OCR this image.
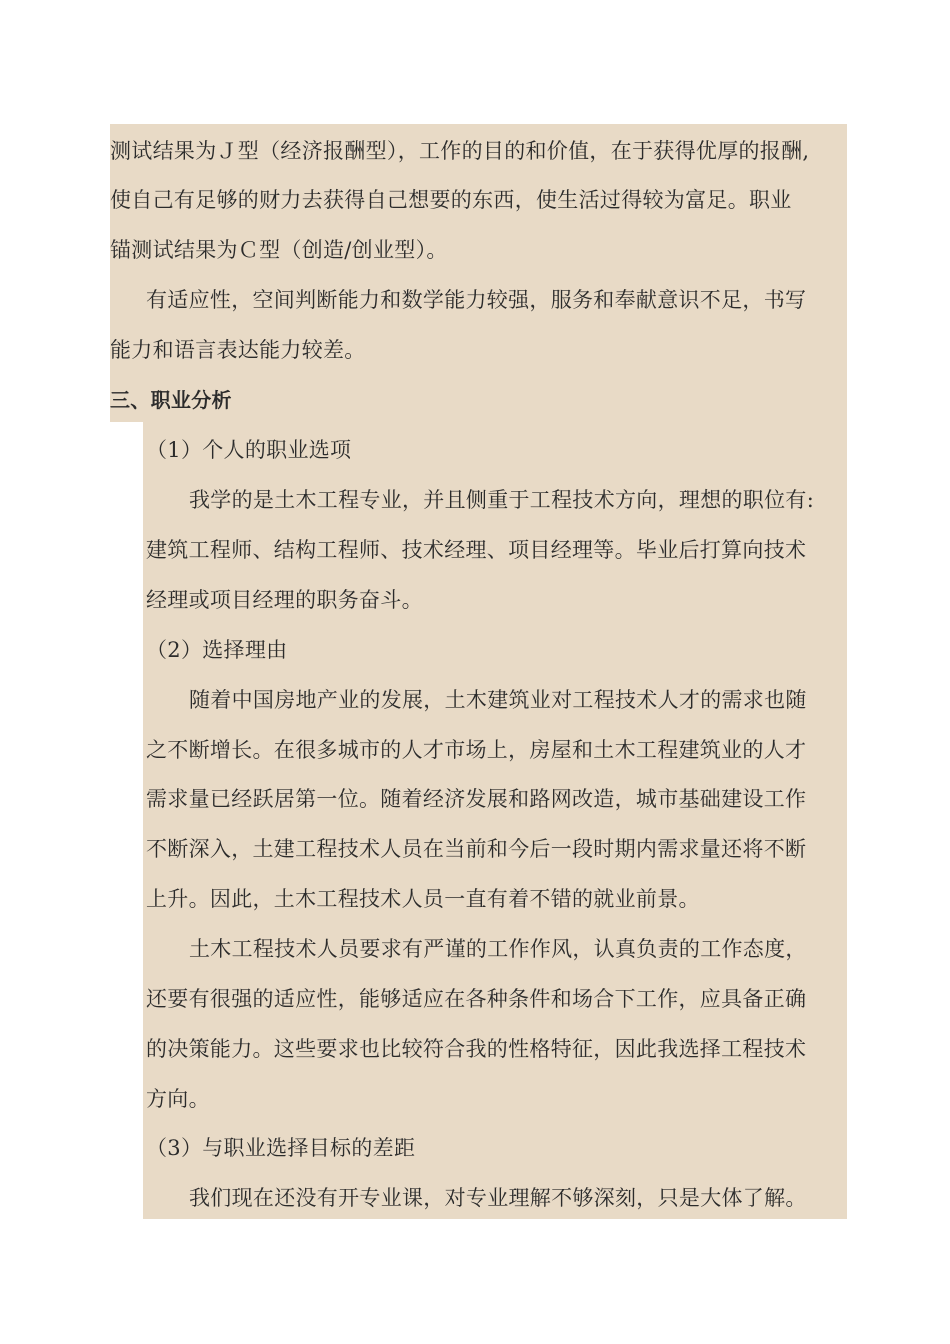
测试结果为Ｊ型（经济报酬型），工作的目的和价值，在于获得优厚的报酬,
使自己有足够的财力去获得自己想要的东西，使生活过得较为富足。职业
锚测试结果为Ｃ型（创造/创业型）。
有适应性，空间判断能力和数学能力较强，服务和奉献意识不足，书写
能力和语言表达能力较差。
三、职业分析
（1）个人的职业选项
我学的是土木工程专业，并且侧重于工程技术方向，理想的职位有:
建筑工程师、结构工程师、技术经理、项目经理等。毕业后打算向技术
经理或项目经理的职务奋斗。
（2）选择理由
随着中国房地产业的发展，土木建筑业对工程技术人才的需求也随
之不断增长。在很多城市的人才市场上，房屋和土木工程建筑业的人才
需求量已经跃居第一位。随着经济发展和路网改造，城市基础建设工作
不断深入，土建工程技术人员在当前和今后一段时期内需求量还将不断
上升。因此，土木工程技术人员一直有着不错的就业前景。
土木工程技术人员要求有严谨的工作作风，认真负责的工作态度，
还要有很强的适应性，能够适应在各种条件和场合下工作，应具备正确
的决策能力。这些要求也比较符合我的性格特征，因此我选择工程技术
方向。
（3）与职业选择目标的差距
我们现在还没有开专业课，对专业理解不够深刻，只是大体了解。
